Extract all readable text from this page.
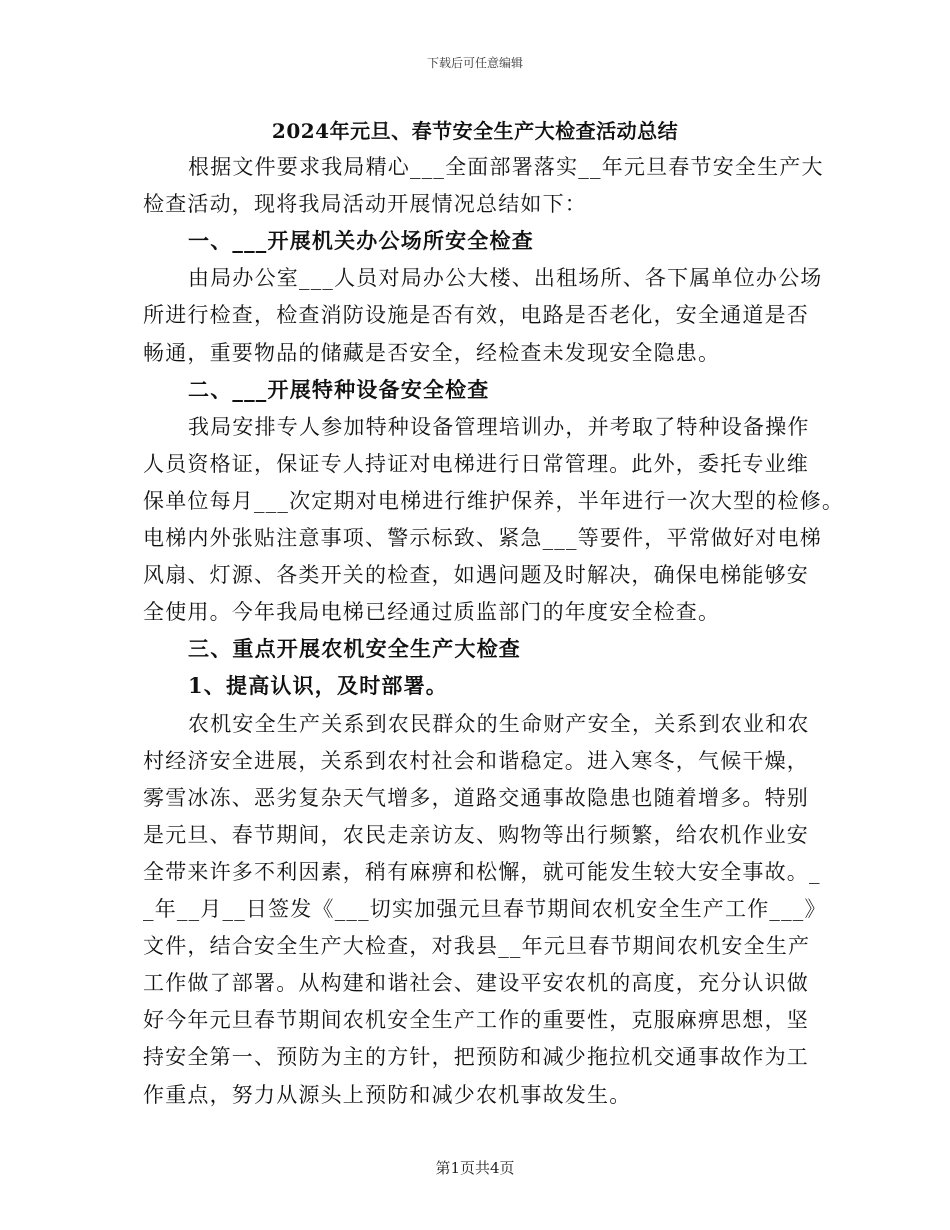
下载后可任意编辑
2024年元旦、春节安全生产大检查活动总结
根据文件要求我局精心___全面部署落实__年元旦春节安全生产大
检查活动，现将我局活动开展情况总结如下：
一、___开展机关办公场所安全检查
由局办公室___人员对局办公大楼、出租场所、各下属单位办公场
所进行检查，检查消防设施是否有效，电路是否老化，安全通道是否
畅通，重要物品的储藏是否安全，经检查未发现安全隐患。
二、___开展特种设备安全检查
我局安排专人参加特种设备管理培训办，并考取了特种设备操作
人员资格证，保证专人持证对电梯进行日常管理。此外，委托专业维
保单位每月___次定期对电梯进行维护保养，半年进行一次大型的检修。
电梯内外张贴注意事项、警示标致、紧急___等要件，平常做好对电梯
风扇、灯源、各类开关的检查，如遇问题及时解决，确保电梯能够安
全使用。今年我局电梯已经通过质监部门的年度安全检查。
三、重点开展农机安全生产大检查
1、提高认识，及时部署。
农机安全生产关系到农民群众的生命财产安全，关系到农业和农
村经济安全进展，关系到农村社会和谐稳定。进入寒冬，气候干燥，
雾雪冰冻、恶劣复杂天气增多，道路交通事故隐患也随着增多。特别
是元旦、春节期间，农民走亲访友、购物等出行频繁，给农机作业安
全带来许多不利因素，稍有麻痹和松懈，就可能发生较大安全事故。_
_年__月__日签发《___切实加强元旦春节期间农机安全生产工作___》
文件，结合安全生产大检查，对我县__年元旦春节期间农机安全生产
工作做了部署。从构建和谐社会、建设平安农机的高度，充分认识做
好今年元旦春节期间农机安全生产工作的重要性，克服麻痹思想，坚
持安全第一、预防为主的方针，把预防和减少拖拉机交通事故作为工
作重点，努力从源头上预防和减少农机事故发生。
第1页共4页
